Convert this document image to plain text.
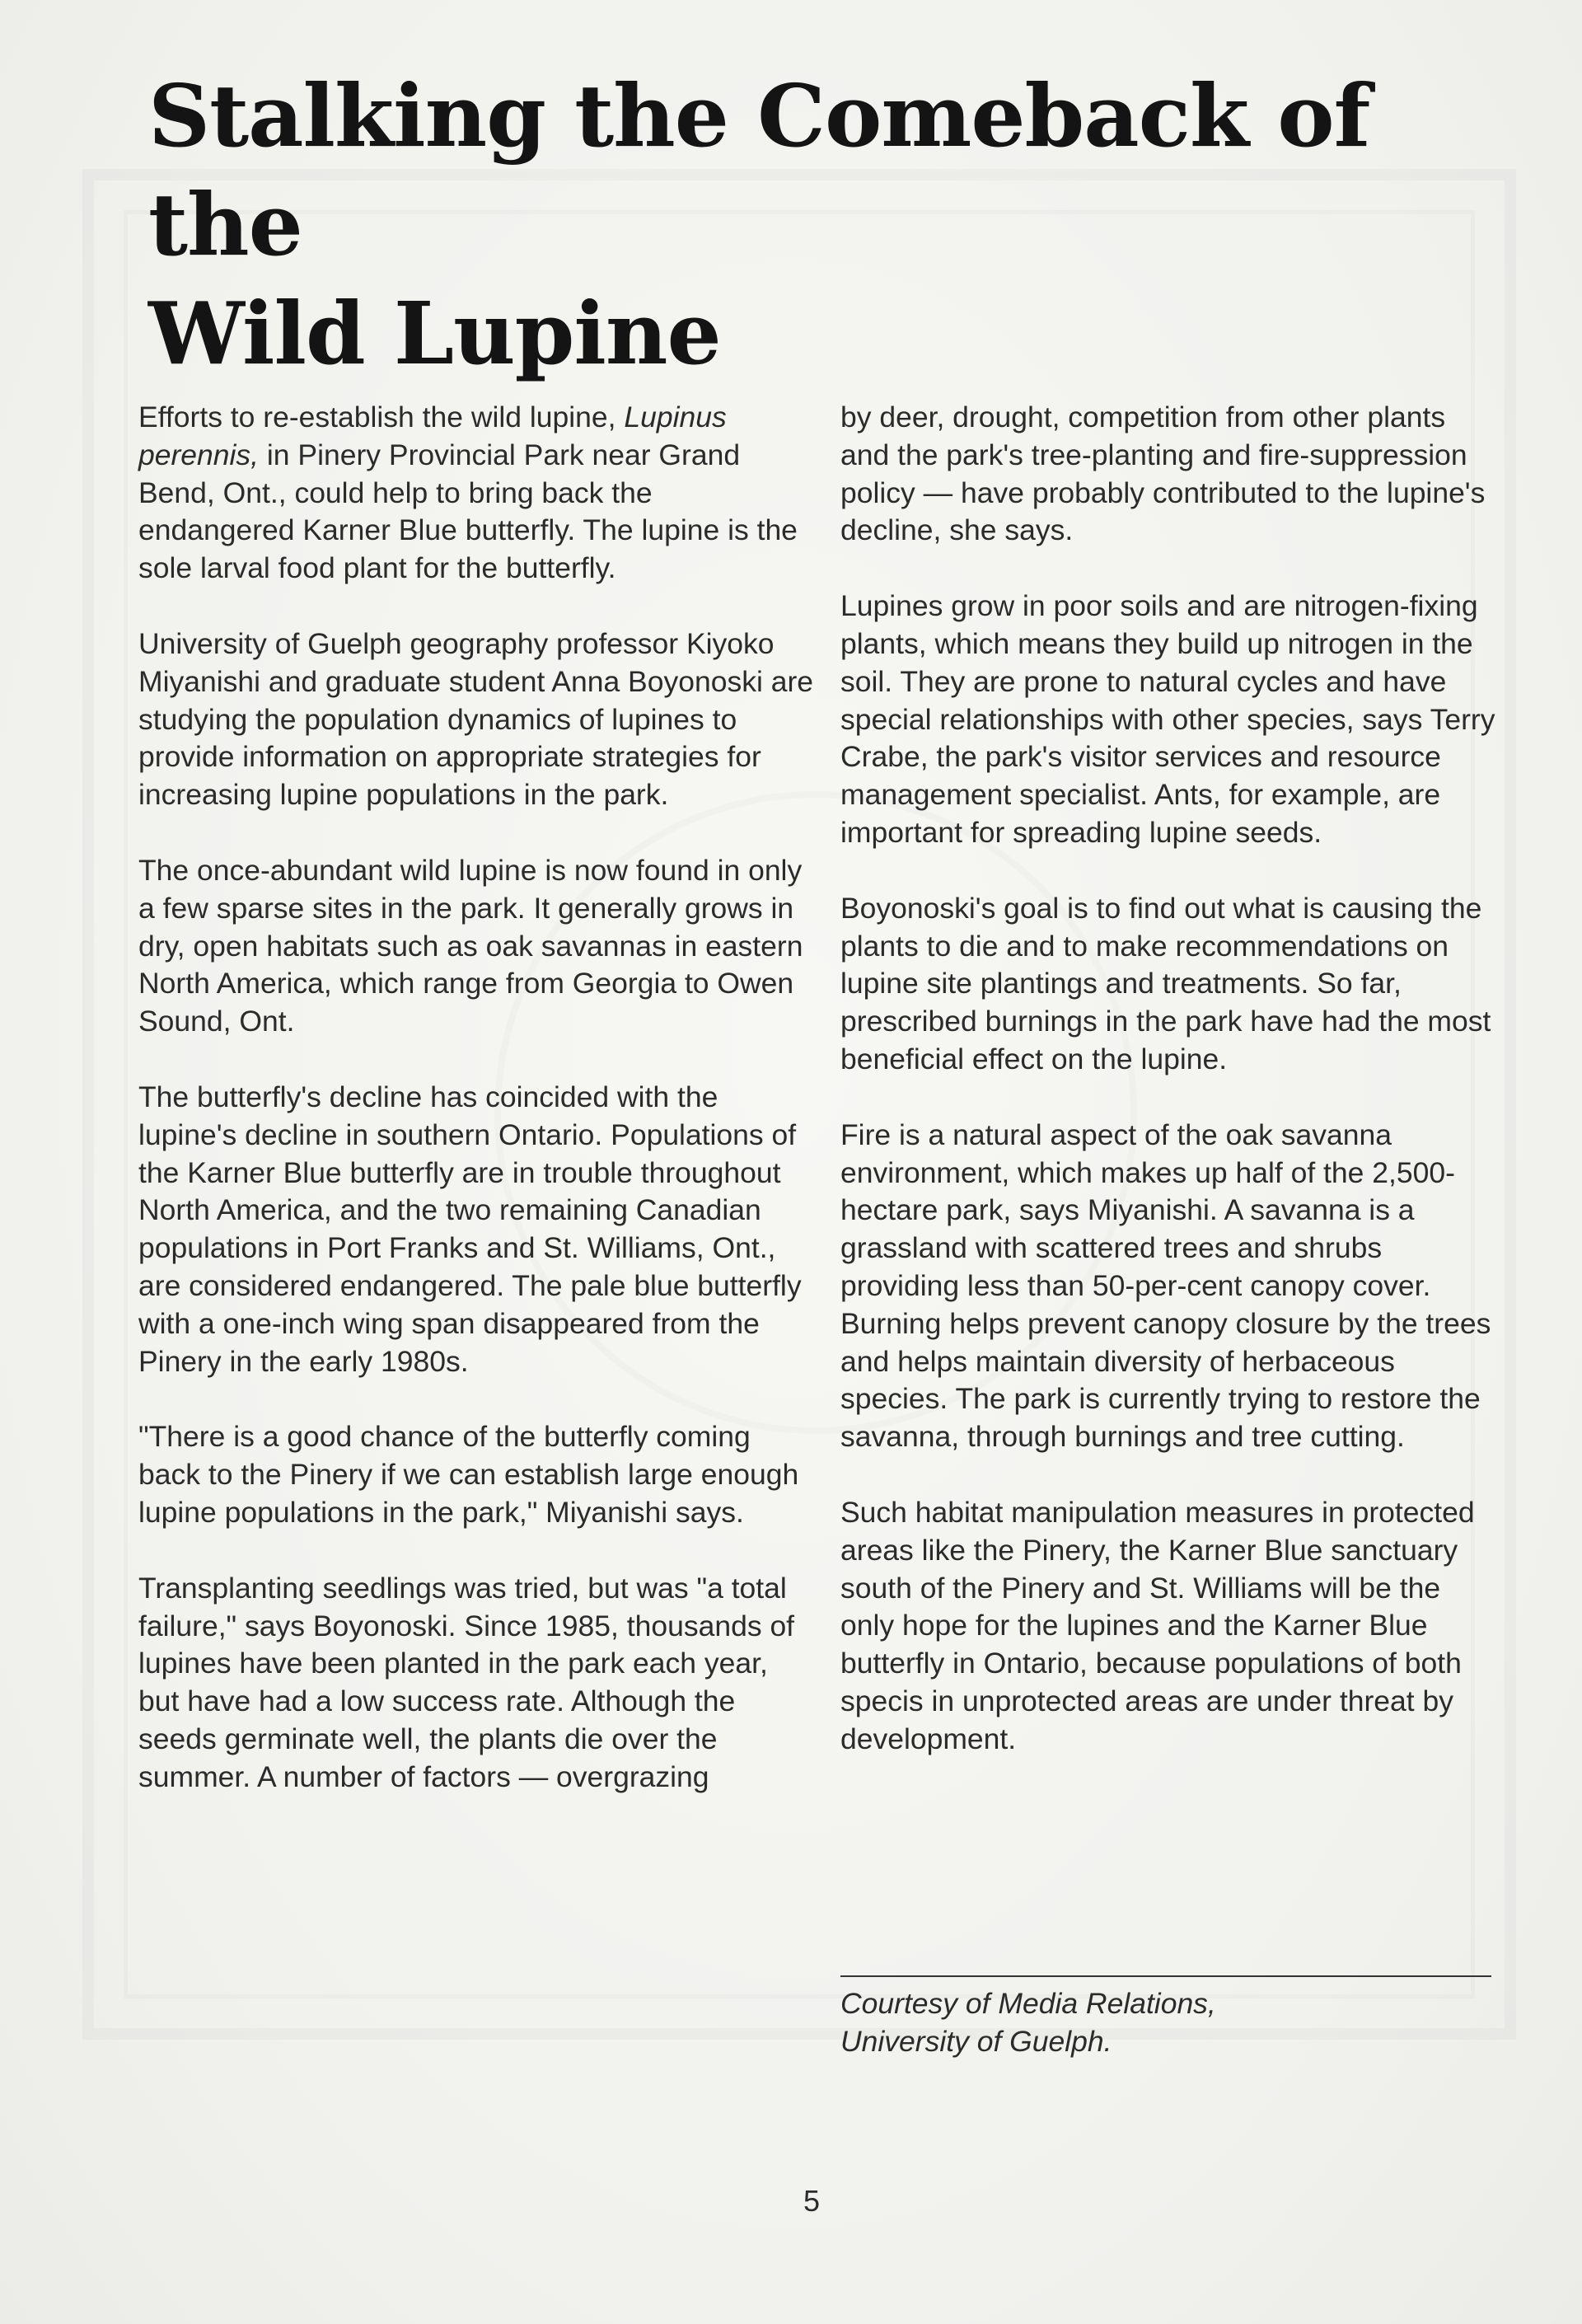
Stalking the Comeback of the
Wild Lupine

Efforts to re-establish the wild lupine, Lupinus perennis, in Pinery Provincial Park near Grand Bend, Ont., could help to bring back the endangered Karner Blue butterfly. The lupine is the sole larval food plant for the butterfly.

University of Guelph geography professor Kiyoko Miyanishi and graduate student Anna Boyonoski are studying the population dynamics of lupines to provide information on appropriate strategies for increasing lupine populations in the park.

The once-abundant wild lupine is now found in only a few sparse sites in the park. It generally grows in dry, open habitats such as oak savannas in eastern North America, which range from Georgia to Owen Sound, Ont.

The butterfly's decline has coincided with the lupine's decline in southern Ontario. Populations of the Karner Blue butterfly are in trouble throughout North America, and the two remaining Canadian populations in Port Franks and St. Williams, Ont., are considered endangered. The pale blue butterfly with a one-inch wing span disappeared from the Pinery in the early 1980s.

"There is a good chance of the butterfly coming back to the Pinery if we can establish large enough lupine populations in the park," Miyanishi says.

Transplanting seedlings was tried, but was "a total failure," says Boyonoski. Since 1985, thousands of lupines have been planted in the park each year, but have had a low success rate. Although the seeds germinate well, the plants die over the summer. A number of factors — overgrazing

by deer, drought, competition from other plants and the park's tree-planting and fire-suppression policy — have probably contributed to the lupine's decline, she says.

Lupines grow in poor soils and are nitrogen-fixing plants, which means they build up nitrogen in the soil. They are prone to natural cycles and have special relationships with other species, says Terry Crabe, the park's visitor services and resource management specialist. Ants, for example, are important for spreading lupine seeds.

Boyonoski's goal is to find out what is causing the plants to die and to make recommendations on lupine site plantings and treatments. So far, prescribed burnings in the park have had the most beneficial effect on the lupine.

Fire is a natural aspect of the oak savanna environment, which makes up half of the 2,500-hectare park, says Miyanishi. A savanna is a grassland with scattered trees and shrubs providing less than 50-per-cent canopy cover. Burning helps prevent canopy closure by the trees and helps maintain diversity of herbaceous species. The park is currently trying to restore the savanna, through burnings and tree cutting.

Such habitat manipulation measures in protected areas like the Pinery, the Karner Blue sanctuary south of the Pinery and St. Williams will be the only hope for the lupines and the Karner Blue butterfly in Ontario, because populations of both specis in unprotected areas are under threat by development.

Courtesy of Media Relations,
University of Guelph.
5
